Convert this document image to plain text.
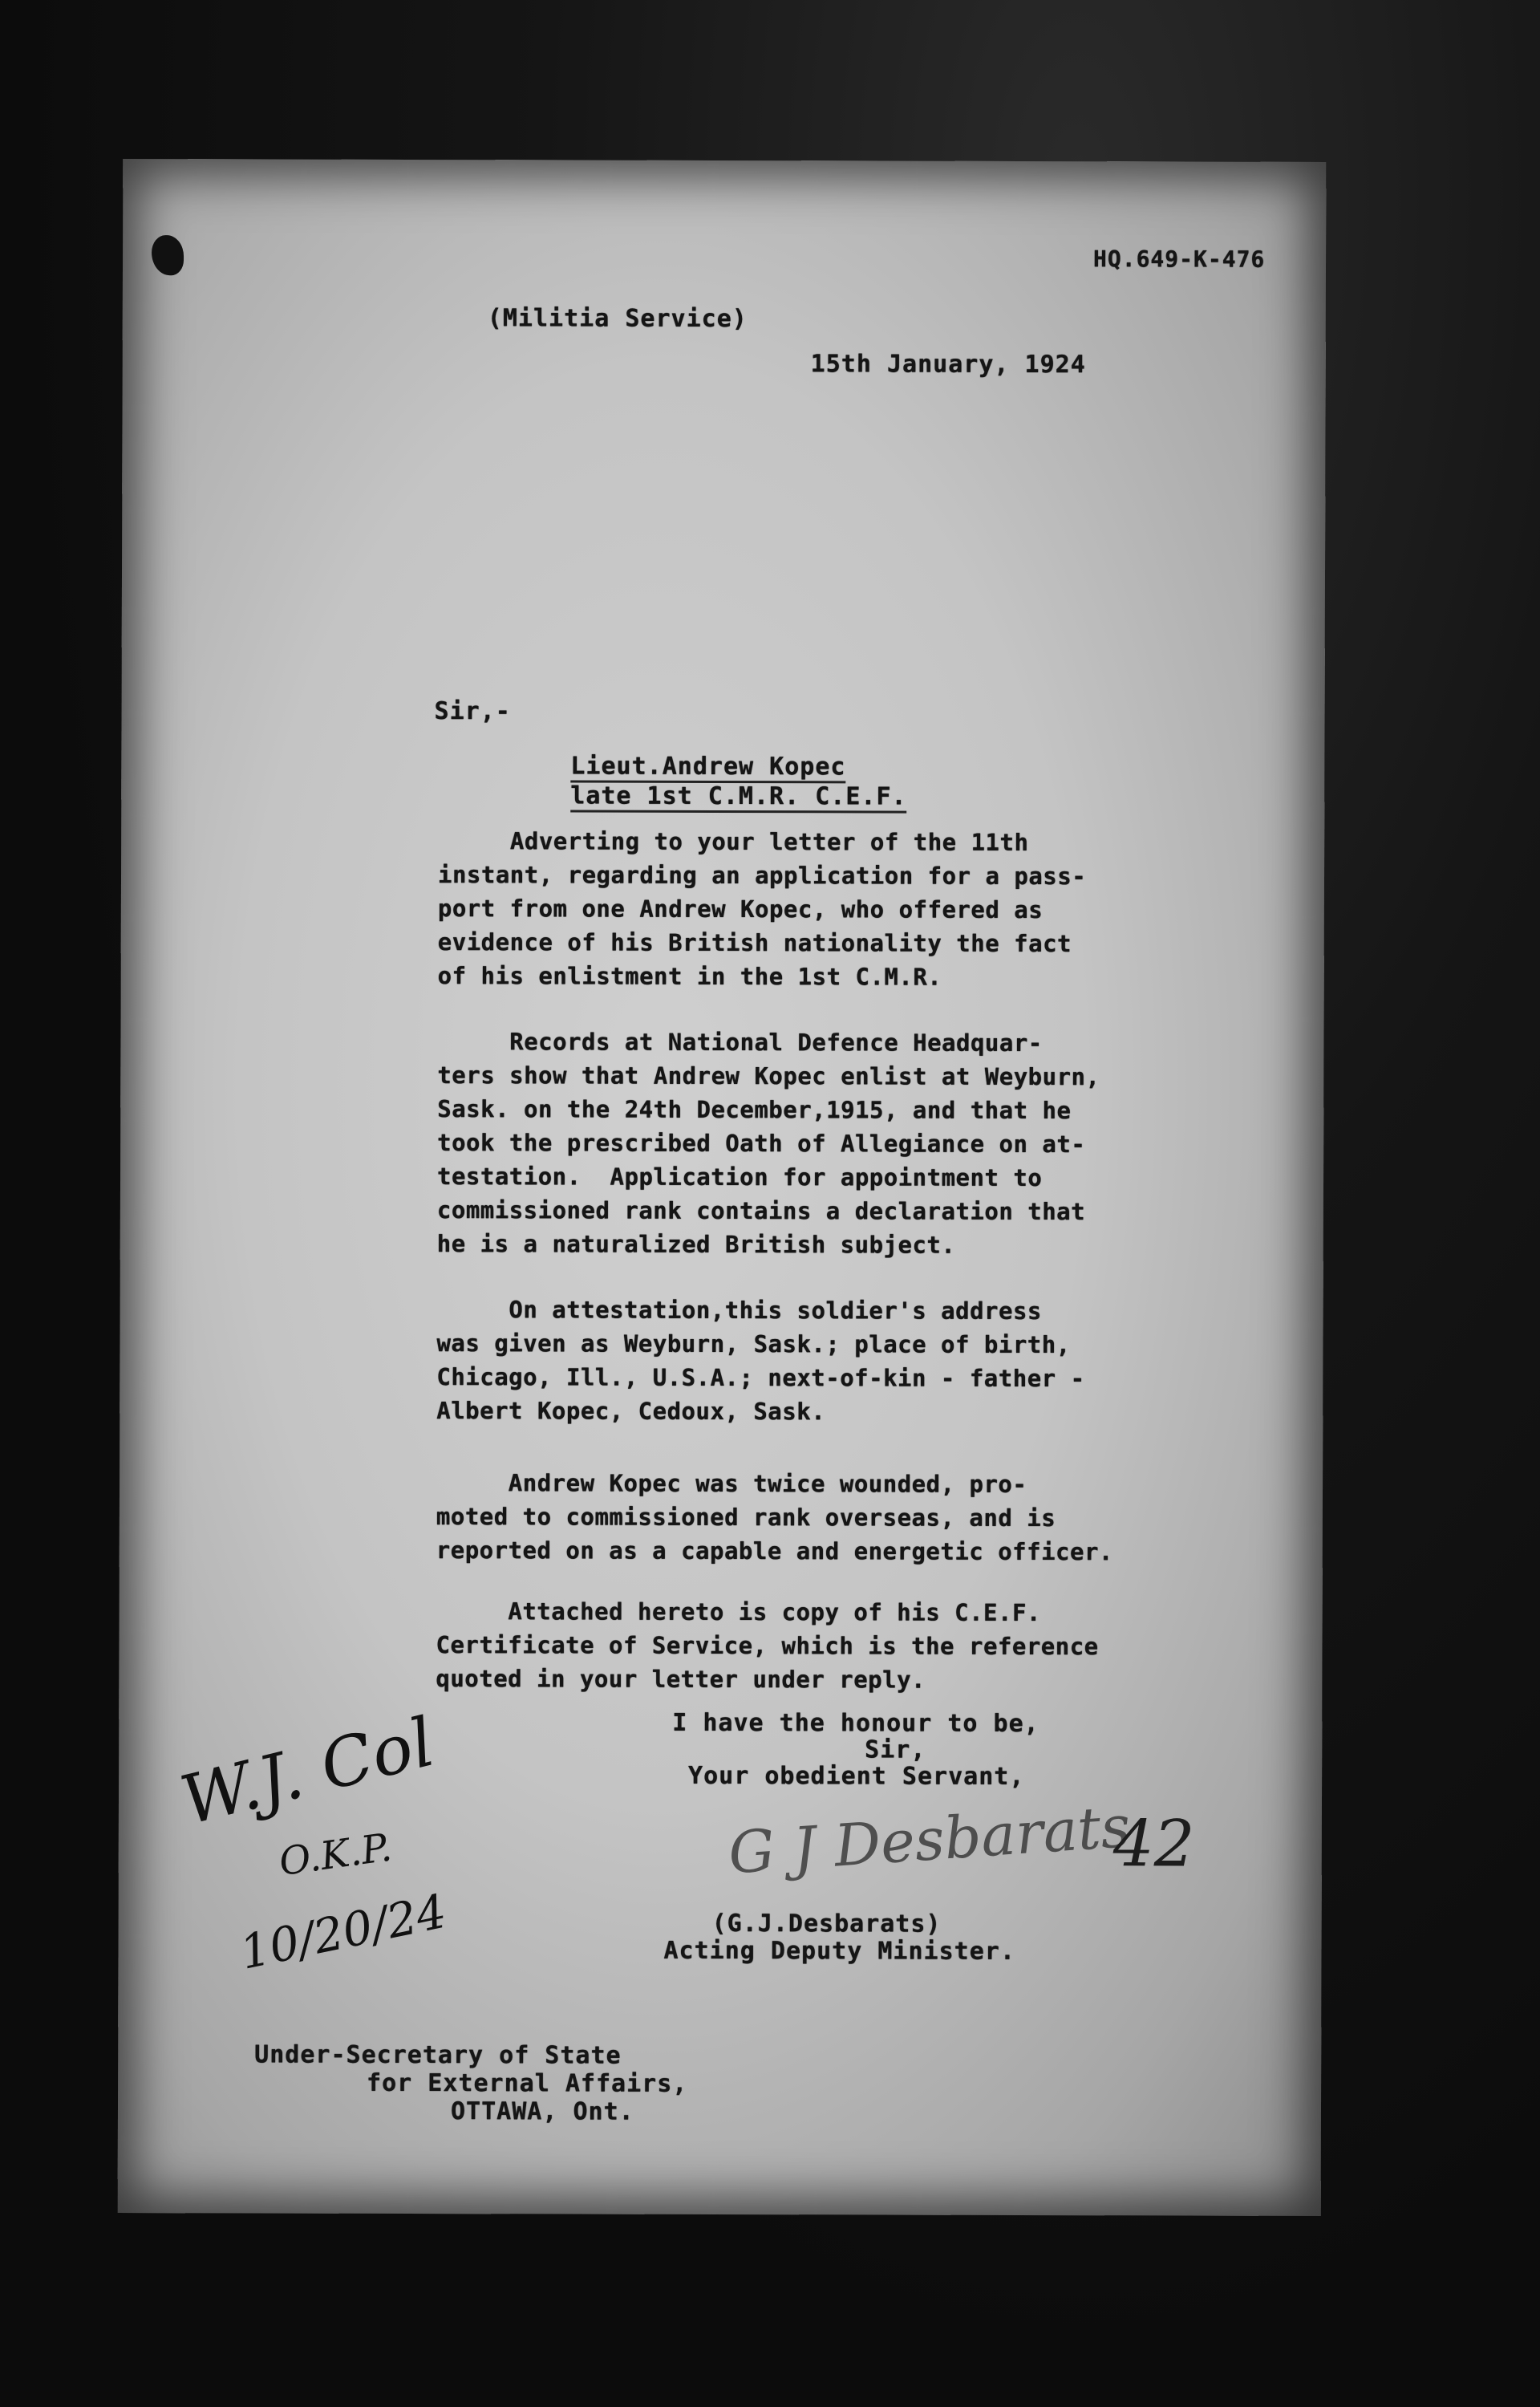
HQ.649-K-476
(Militia Service)
15th January, 1924
Sir,-
Lieut.Andrew Kopec
late 1st C.M.R. C.E.F.
Adverting to your letter of the 11th
instant, regarding an application for a pass-
port from one Andrew Kopec, who offered as
evidence of his British nationality the fact
of his enlistment in the 1st C.M.R.
Records at National Defence Headquar-
ters show that Andrew Kopec enlist at Weyburn,
Sask. on the 24th December,1915, and that he
took the prescribed Oath of Allegiance on at-
testation.  Application for appointment to
commissioned rank contains a declaration that
he is a naturalized British subject.
On attestation,this soldier's address
was given as Weyburn, Sask.; place of birth,
Chicago, Ill., U.S.A.; next-of-kin - father -
Albert Kopec, Cedoux, Sask.
Andrew Kopec was twice wounded, pro-
moted to commissioned rank overseas, and is
reported on as a capable and energetic officer.
Attached hereto is copy of his C.E.F.
Certificate of Service, which is the reference
quoted in your letter under reply.
I have the honour to be,
Sir,
Your obedient Servant,
G J Desbarats
42
(G.J.Desbarats)
Acting Deputy Minister.
W.J. Col
O.K.P.
10/20/24
Under-Secretary of State
for External Affairs,
OTTAWA, Ont.
